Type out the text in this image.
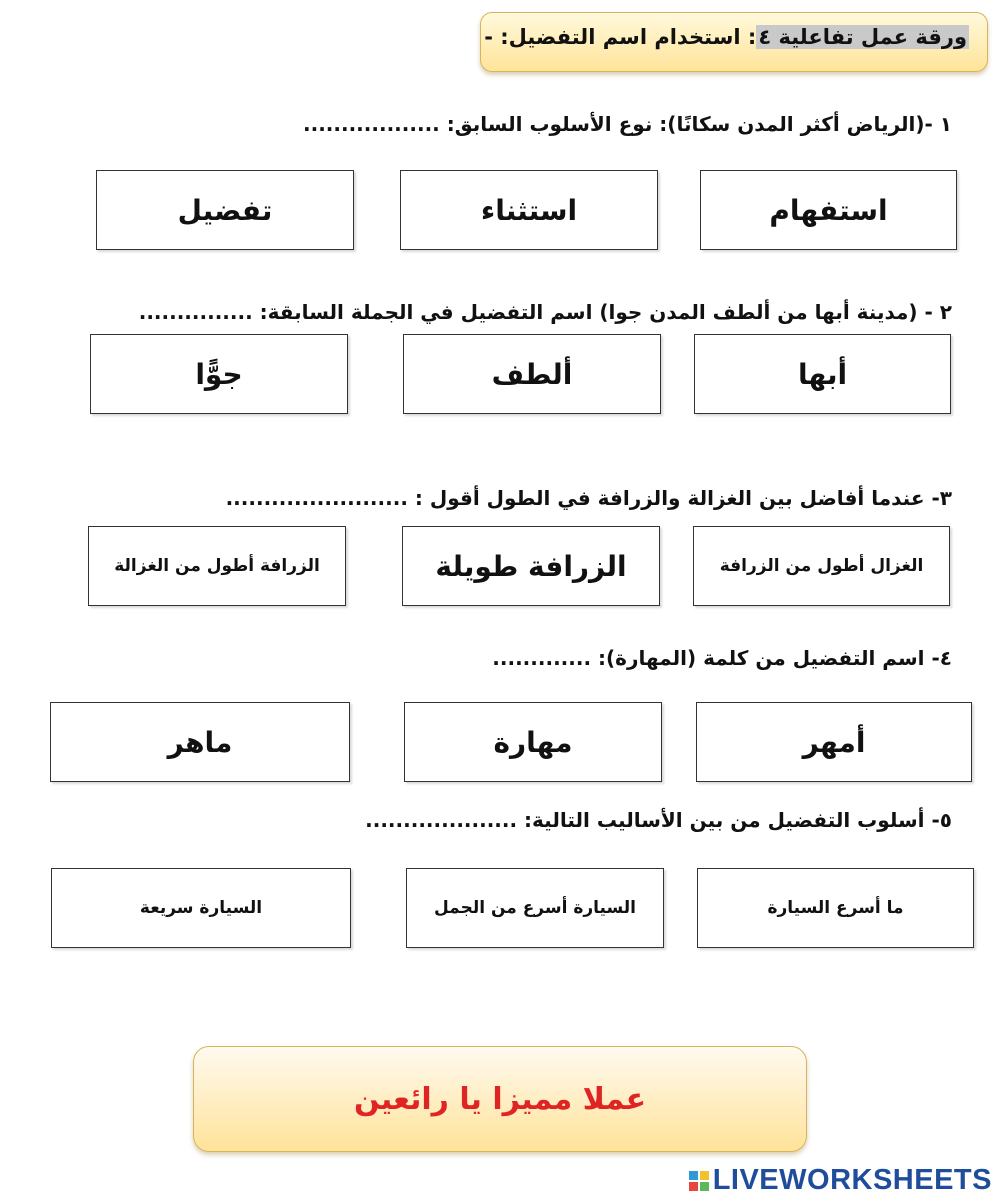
ورقة عمل تفاعلية ٤: استخدام اسم التفضيل: -
١ -(الرياض أكثر المدن سكانًا): نوع الأسلوب السابق: ..................
استفهام
استثناء
تفضيل
٢ - (مدينة أبها من ألطف المدن جوا) اسم التفضيل في الجملة السابقة: ...............
أبها
ألطف
جوًّا
٣- عندما أفاضل بين الغزالة والزرافة في الطول أقول : ........................
الغزال أطول من الزرافة
الزرافة طويلة
الزرافة أطول من الغزالة
٤- اسم التفضيل من كلمة (المهارة): .............
أمهر
مهارة
ماهر
٥- أسلوب التفضيل من بين الأساليب التالية: ....................
ما أسرع السيارة
السيارة أسرع من الجمل
السيارة سريعة
عملا مميزا يا رائعين
LIVEWORKSHEETS
